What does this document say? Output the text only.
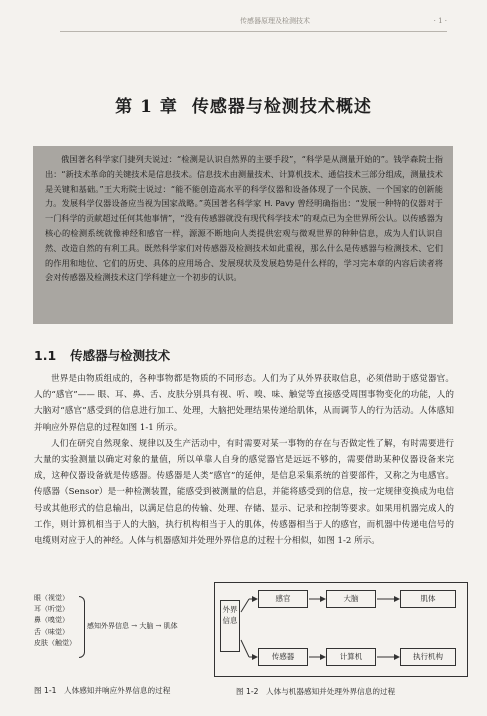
传感器原理及检测技术	· 1 ·
第 1 章 传感器与检测技术概述

俄国著名科学家门捷列夫说过：“检测是认识自然界的主要手段”，“科学是从测量开始的”。钱学森院士指出：“新技术革命的关键技术是信息技术。信息技术由测量技术、计算机技术、通信技术三部分组成，测量技术是关键和基础。”王大珩院士说过：“能不能创造高水平的科学仪器和设备体现了一个民族、一个国家的创新能力。发展科学仪器设备应当视为国家战略。”英国著名科学家 H. Pavy 曾经明确指出：“发展一种特的仪器对于一门科学的贡献超过任何其他事情”，“没有传感器就没有现代科学技术”的观点已为全世界所公认。以传感器为核心的检测系统就像神经和感官一样，源源不断地向人类提供宏观与微观世界的种种信息，成为人们认识自然、改造自然的有利工具。既然科学家们对传感器及检测技术如此重视，那么什么是传感器与检测技术、它们的作用和地位、它们的历史、具体的应用场合、发展现状及发展趋势是什么样的，学习完本章的内容后读者将会对传感器及检测技术这门学科建立一个初步的认识。

1.1 传感器与检测技术

世界是由物质组成的，各种事物都是物质的不同形态。人们为了从外界获取信息，必须借助于感觉器官。人的“感官”—— 眼、耳、鼻、舌、皮肤分别具有视、听、嗅、味、触觉等直接感受周围事物变化的功能，人的大脑对“感官”感受到的信息进行加工、处理，大脑把处理结果传递给肌体，从而调节人的行为活动。人体感知并响应外界信息的过程如图 1-1 所示。

人们在研究自然现象、规律以及生产活动中，有时需要对某一事物的存在与否做定性了解，有时需要进行大量的实验测量以确定对象的量值，所以单靠人自身的感觉器官是远远不够的，需要借助某种仪器设备来完成，这种仪器设备就是传感器。传感器是人类“感官”的延伸，是信息采集系统的首要部件，又称之为电感官。传感器（Sensor）是一种检测装置，能感受到被测量的信息，并能将感受到的信息，按一定规律变换成为电信号或其他形式的信息输出，以满足信息的传输、处理、存储、显示、记录和控制等要求。如果用机器完成人的工作，则计算机相当于人的大脑，执行机构相当于人的肌体，传感器相当于人的感官，而机器中传递电信号的电缆则对应于人的神经。人体与机器感知并处理外界信息的过程十分相似，如图 1-2 所示。

眼（视觉）
耳（听觉）
鼻（嗅觉）
舌（味觉）
皮肤（触觉）
感知外界信息 → 大脑 → 肌体
图 1-1　人体感知并响应外界信息的过程
外界信息
感官	大脑	肌体
传感器	计算机	执行机构
图 1-2　人体与机器感知并处理外界信息的过程
